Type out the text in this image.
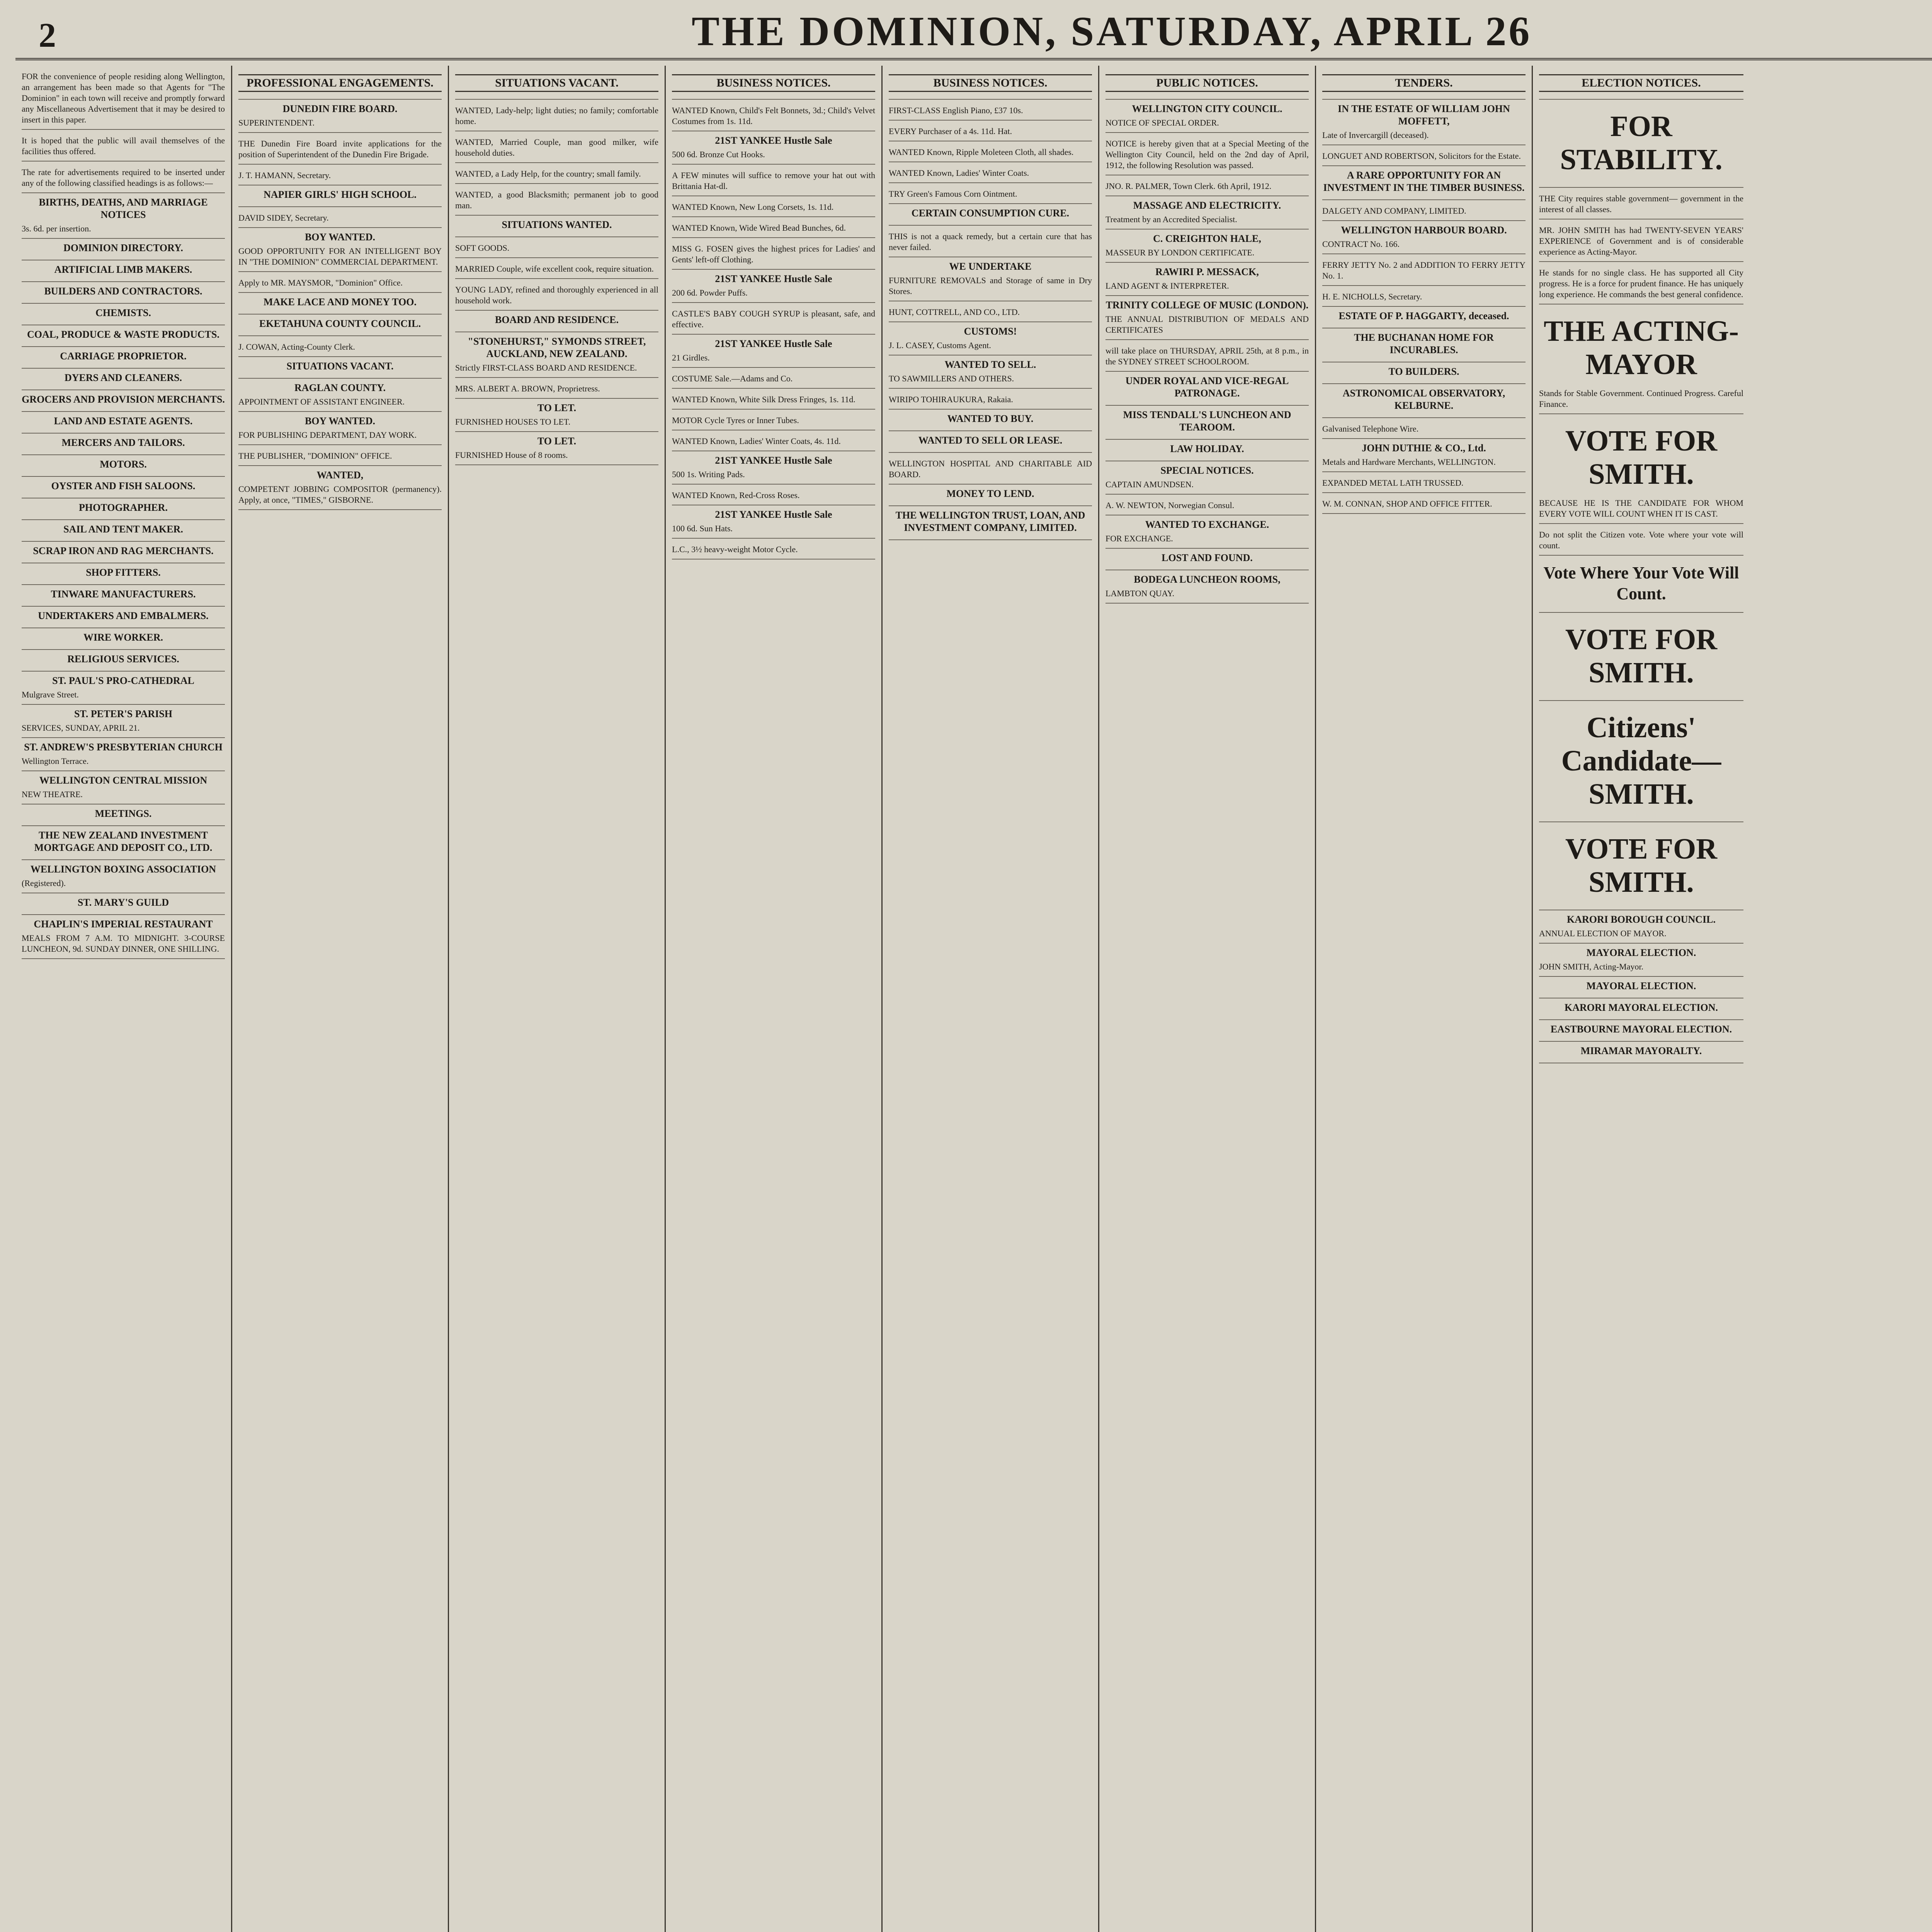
2	THE DOMINION, SATURDAY, APRIL 26
FOR the convenience of people residing along Wellington, an arrangement has been made so that Agents for "The Dominion" in each town will receive and promptly forward any Miscellaneous Advertisement that it may be desired to insert in this paper.
It is hoped that the public will avail themselves of the facilities thus offered.
The rate for advertisements required to be inserted under any of the following classified headings is as follows:—
BIRTHS, DEATHS, AND MARRIAGE NOTICES
3s. 6d. per insertion.
DOMINION DIRECTORY.
ARTIFICIAL LIMB MAKERS.
BUILDERS AND CONTRACTORS.
CHEMISTS.
COAL, PRODUCE & WASTE PRODUCTS.
CARRIAGE PROPRIETOR.
DYERS AND CLEANERS.
GROCERS AND PROVISION MERCHANTS.
LAND AND ESTATE AGENTS.
MERCERS AND TAILORS.
MOTORS.
OYSTER AND FISH SALOONS.
PHOTOGRAPHER.
SAIL AND TENT MAKER.
SCRAP IRON AND RAG MERCHANTS.
SHOP FITTERS.
TINWARE MANUFACTURERS.
UNDERTAKERS AND EMBALMERS.
WIRE WORKER.
RELIGIOUS SERVICES.
ST. PAUL'S PRO-CATHEDRAL
Mulgrave Street.
ST. PETER'S PARISH
SERVICES, SUNDAY, APRIL 21.
ST. ANDREW'S PRESBYTERIAN CHURCH
Wellington Terrace.
WELLINGTON CENTRAL MISSION
NEW THEATRE.
MEETINGS.
THE NEW ZEALAND INVESTMENT MORTGAGE AND DEPOSIT CO., LTD.
WELLINGTON BOXING ASSOCIATION
(Registered).
ST. MARY'S GUILD
CHAPLIN'S IMPERIAL RESTAURANT
MEALS FROM 7 A.M. TO MIDNIGHT. 3-COURSE LUNCHEON, 9d. SUNDAY DINNER, ONE SHILLING.
PROFESSIONAL ENGAGEMENTS.
DUNEDIN FIRE BOARD.
SUPERINTENDENT.
THE Dunedin Fire Board invite applications for the position of Superintendent of the Dunedin Fire Brigade.
J. T. HAMANN, Secretary.
NAPIER GIRLS' HIGH SCHOOL.
DAVID SIDEY, Secretary.
BOY WANTED.
GOOD OPPORTUNITY FOR AN INTELLIGENT BOY IN "THE DOMINION" COMMERCIAL DEPARTMENT.
Apply to MR. MAYSMOR, "Dominion" Office.
MAKE LACE AND MONEY TOO.
EKETAHUNA COUNTY COUNCIL.
J. COWAN, Acting-County Clerk.
SITUATIONS VACANT.
RAGLAN COUNTY.
APPOINTMENT OF ASSISTANT ENGINEER.
BOY WANTED.
FOR PUBLISHING DEPARTMENT, DAY WORK.
THE PUBLISHER, "DOMINION" OFFICE.
WANTED,
COMPETENT JOBBING COMPOSITOR (permanency). Apply, at once, "TIMES," GISBORNE.
SITUATIONS VACANT.
WANTED, Lady-help; light duties; no family; comfortable home.
WANTED, Married Couple, man good milker, wife household duties.
WANTED, a Lady Help, for the country; small family.
WANTED, a good Blacksmith; permanent job to good man.
SITUATIONS WANTED.
SOFT GOODS.
MARRIED Couple, wife excellent cook, require situation.
YOUNG LADY, refined and thoroughly experienced in all household work.
BOARD AND RESIDENCE.
"STONEHURST," SYMONDS STREET, AUCKLAND, NEW ZEALAND.
Strictly FIRST-CLASS BOARD AND RESIDENCE.
MRS. ALBERT A. BROWN, Proprietress.
TO LET.
FURNISHED HOUSES TO LET.
TO LET.
FURNISHED House of 8 rooms.
BUSINESS NOTICES.
WANTED Known, Child's Felt Bonnets, 3d.; Child's Velvet Costumes from 1s. 11d.
21ST YANKEE Hustle Sale
500 6d. Bronze Cut Hooks.
A FEW minutes will suffice to remove your hat out with Brittania Hat-dl.
WANTED Known, New Long Corsets, 1s. 11d.
WANTED Known, Wide Wired Bead Bunches, 6d.
MISS G. FOSEN gives the highest prices for Ladies' and Gents' left-off Clothing.
21ST YANKEE Hustle Sale
200 6d. Powder Puffs.
CASTLE'S BABY COUGH SYRUP is pleasant, safe, and effective.
21ST YANKEE Hustle Sale
21 Girdles.
COSTUME Sale.—Adams and Co.
WANTED Known, White Silk Dress Fringes, 1s. 11d.
MOTOR Cycle Tyres or Inner Tubes.
WANTED Known, Ladies' Winter Coats, 4s. 11d.
21ST YANKEE Hustle Sale
500 1s. Writing Pads.
WANTED Known, Red-Cross Roses.
21ST YANKEE Hustle Sale
100 6d. Sun Hats.
L.C., 3½ heavy-weight Motor Cycle.
BUSINESS NOTICES.
FIRST-CLASS English Piano, £37 10s.
EVERY Purchaser of a 4s. 11d. Hat.
WANTED Known, Ripple Moleteen Cloth, all shades.
WANTED Known, Ladies' Winter Coats.
TRY Green's Famous Corn Ointment.
CERTAIN CONSUMPTION CURE.
THIS is not a quack remedy, but a certain cure that has never failed.
WE UNDERTAKE
FURNITURE REMOVALS and Storage of same in Dry Stores.
HUNT, COTTRELL, AND CO., LTD.
CUSTOMS!
J. L. CASEY, Customs Agent.
WANTED TO SELL.
TO SAWMILLERS AND OTHERS.
WIRIPO TOHIRAUKURA, Rakaia.
WANTED TO BUY.
WANTED TO SELL OR LEASE.
WELLINGTON HOSPITAL AND CHARITABLE AID BOARD.
MONEY TO LEND.
THE WELLINGTON TRUST, LOAN, AND INVESTMENT COMPANY, LIMITED.
PUBLIC NOTICES.
WELLINGTON CITY COUNCIL.
NOTICE OF SPECIAL ORDER.
NOTICE is hereby given that at a Special Meeting of the Wellington City Council, held on the 2nd day of April, 1912, the following Resolution was passed.
JNO. R. PALMER, Town Clerk. 6th April, 1912.
MASSAGE AND ELECTRICITY.
Treatment by an Accredited Specialist.
C. CREIGHTON HALE,
MASSEUR BY LONDON CERTIFICATE.
RAWIRI P. MESSACK,
LAND AGENT & INTERPRETER.
TRINITY COLLEGE OF MUSIC (LONDON).
THE ANNUAL DISTRIBUTION OF MEDALS AND CERTIFICATES
will take place on THURSDAY, APRIL 25th, at 8 p.m., in the SYDNEY STREET SCHOOLROOM.
UNDER ROYAL AND VICE-REGAL PATRONAGE.
MISS TENDALL'S LUNCHEON AND TEAROOM.
LAW HOLIDAY.
SPECIAL NOTICES.
CAPTAIN AMUNDSEN.
A. W. NEWTON, Norwegian Consul.
WANTED TO EXCHANGE.
FOR EXCHANGE.
LOST AND FOUND.
BODEGA LUNCHEON ROOMS,
LAMBTON QUAY.
TENDERS.
IN THE ESTATE OF WILLIAM JOHN MOFFETT,
Late of Invercargill (deceased).
LONGUET AND ROBERTSON, Solicitors for the Estate.
A RARE OPPORTUNITY FOR AN INVESTMENT IN THE TIMBER BUSINESS.
DALGETY AND COMPANY, LIMITED.
WELLINGTON HARBOUR BOARD.
CONTRACT No. 166.
FERRY JETTY No. 2 and ADDITION TO FERRY JETTY No. 1.
H. E. NICHOLLS, Secretary.
ESTATE OF P. HAGGARTY, deceased.
THE BUCHANAN HOME FOR INCURABLES.
TO BUILDERS.
ASTRONOMICAL OBSERVATORY, KELBURNE.
Galvanised Telephone Wire.
JOHN DUTHIE & CO., Ltd.
Metals and Hardware Merchants, WELLINGTON.
EXPANDED METAL LATH TRUSSED.
W. M. CONNAN, SHOP AND OFFICE FITTER.
ELECTION NOTICES.
FOR STABILITY.
THE City requires stable government— government in the interest of all classes.
MR. JOHN SMITH has had TWENTY-SEVEN YEARS' EXPERIENCE of Government and is of considerable experience as Acting-Mayor.
He stands for no single class. He has supported all City progress. He is a force for prudent finance. He has uniquely long experience. He commands the best general confidence.
THE ACTING-MAYOR
Stands for Stable Government. Continued Progress. Careful Finance.
VOTE FOR SMITH.
BECAUSE HE IS THE CANDIDATE FOR WHOM EVERY VOTE WILL COUNT WHEN IT IS CAST.
Do not split the Citizen vote. Vote where your vote will count.
Vote Where Your Vote Will Count.
VOTE FOR SMITH.
Citizens' Candidate— SMITH.
VOTE FOR SMITH.
KARORI BOROUGH COUNCIL.
ANNUAL ELECTION OF MAYOR.
MAYORAL ELECTION.
JOHN SMITH, Acting-Mayor.
MAYORAL ELECTION.
KARORI MAYORAL ELECTION.
EASTBOURNE MAYORAL ELECTION.
MIRAMAR MAYORALTY.
